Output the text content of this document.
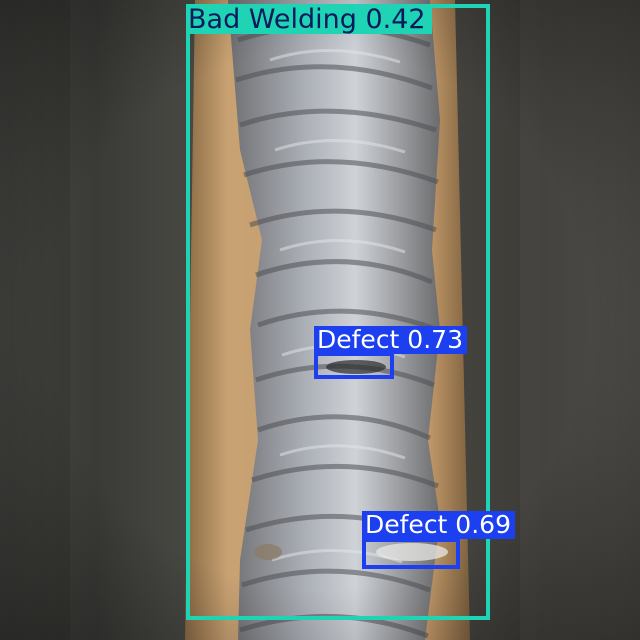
Bad Welding 0.42
Defect 0.73
Defect 0.69
